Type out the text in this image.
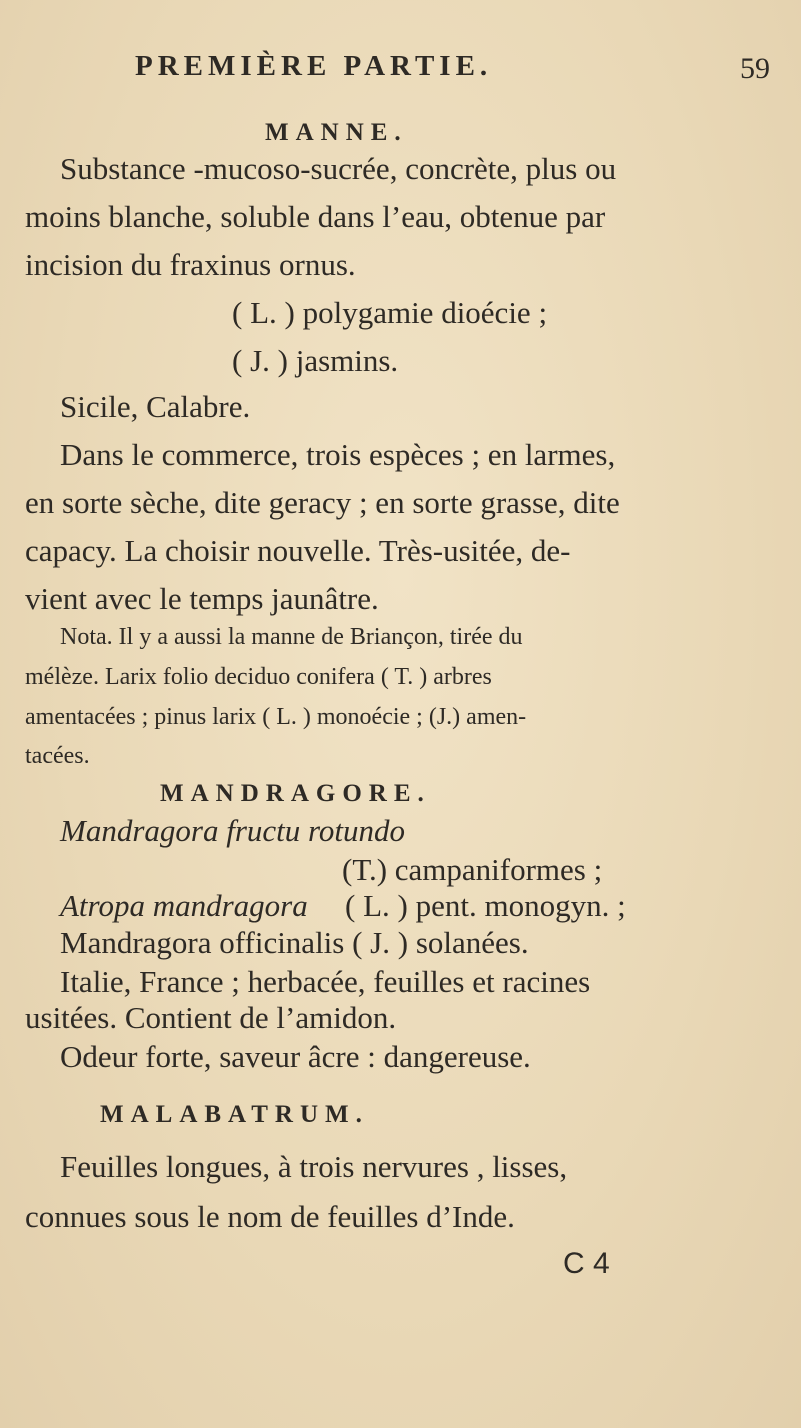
PREMIÈRE PARTIE.	59
MANNE.
Substance -mucoso-sucrée, concrète, plus ou
moins blanche, soluble dans l’eau, obtenue par
incision du fraxinus ornus.
( L. ) polygamie dioécie ;
( J. ) jasmins.
Sicile, Calabre.
Dans le commerce, trois espèces ; en larmes,
en sorte sèche, dite geracy ; en sorte grasse, dite
capacy. La choisir nouvelle. Très-usitée, de-
vient avec le temps jaunâtre.
Nota. Il y a aussi la manne de Briançon, tirée du
mélèze. Larix folio deciduo conifera ( T. ) arbres
amentacées ; pinus larix ( L. ) monoécie ; (J.) amen-
tacées.
MANDRAGORE.
Mandragora fructu rotundo
(T.) campaniformes ;
Atropa mandragora ( L. ) pent. monogyn. ;
Mandragora officinalis ( J. ) solanées.
Italie, France ; herbacée, feuilles et racines
usitées. Contient de l’amidon.
Odeur forte, saveur âcre : dangereuse.
MALABATRUM.
Feuilles longues, à trois nervures , lisses,
connues sous le nom de feuilles d’Inde.
C 4
